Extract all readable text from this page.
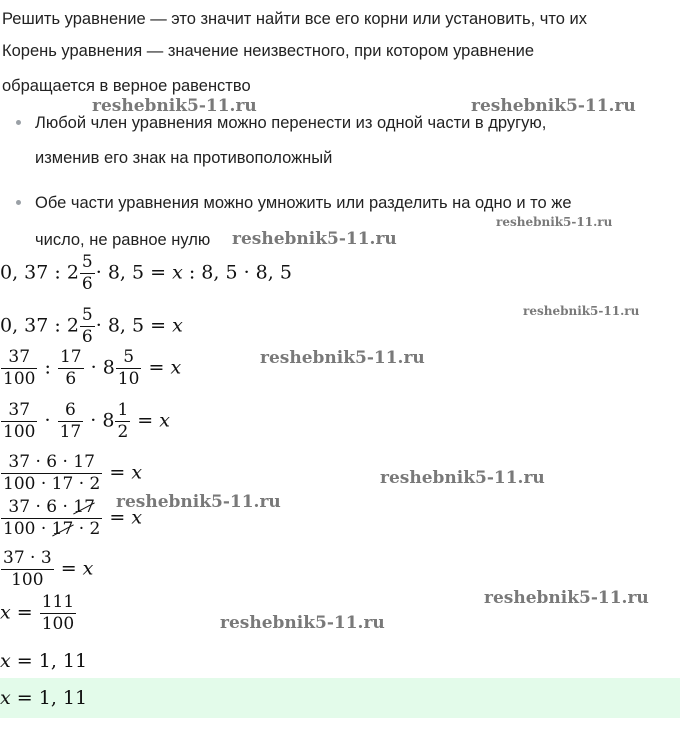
Решить уравнение — это значит найти все его корни или установить, что их
Корень уравнения — значение неизвестного, при котором уравнение
обращается в верное равенство
Любой член уравнения можно перенести из одной части в другую,
изменив его знак на противоположный
Обе части уравнения можно умножить или разделить на одно и то же
число, не равное нулю
0, 37 : $2 \frac{5}{6} \cdot 8$, 5 = x : 8, 5 · 8, 5
0, 37 : $2 \frac{5}{6} \cdot 8$, 5 = x
$\frac{37}{100}$ : $\frac{17}{6} \cdot 8 \frac{5}{10} = x$
$\frac{37}{100} \cdot \frac{6}{17} \cdot 8 \frac{1}{2} = x$
$\frac{37 \cdot 6 \cdot 17}{100 \cdot 17 \cdot 2} = x$
$\frac{37 \cdot 6 \cdot 17}{100 \cdot 17 \cdot 2} = x$
$\frac{37 \cdot 3}{100} = x$
$x = \frac{111}{100}$
x = 1, 11
x = 1, 11
reshebnik5-11.ru	reshebnik5-11.ru
reshebnik5-11.ru
reshebnik5-11.ru
reshebnik5-11.ru
reshebnik5-11.ru
reshebnik5-11.ru
reshebnik5-11.ru
reshebnik5-11.ru
reshebnik5-11.ru
